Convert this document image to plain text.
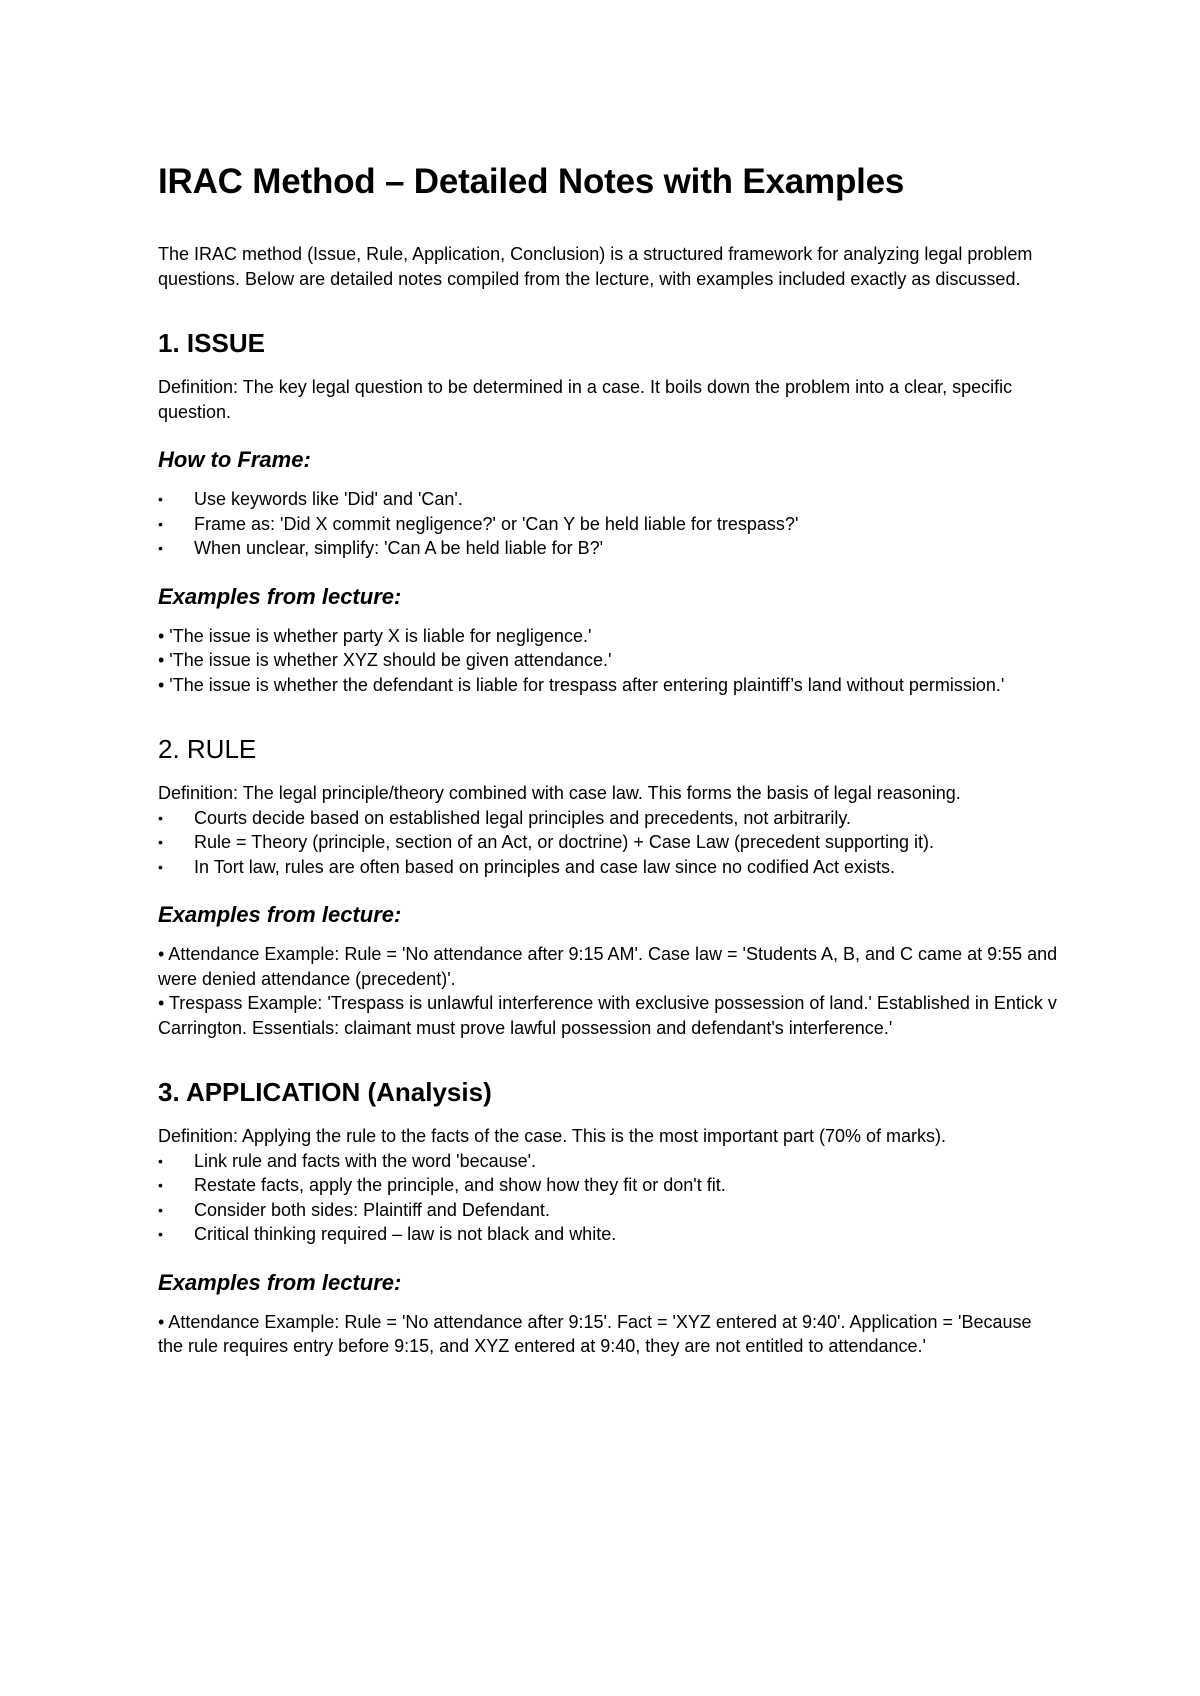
IRAC Method – Detailed Notes with Examples

The IRAC method (Issue, Rule, Application, Conclusion) is a structured framework for analyzing legal problem questions. Below are detailed notes compiled from the lecture, with examples included exactly as discussed.

1. ISSUE

Definition: The key legal question to be determined in a case. It boils down the problem into a clear, specific question.

How to Frame:
• Use keywords like 'Did' and 'Can'.
• Frame as: 'Did X commit negligence?' or 'Can Y be held liable for trespass?'
• When unclear, simplify: 'Can A be held liable for B?'
Examples from lecture:

• 'The issue is whether party X is liable for negligence.'

• 'The issue is whether XYZ should be given attendance.'

• 'The issue is whether the defendant is liable for trespass after entering plaintiff’s land without permission.'

2. RULE

Definition: The legal principle/theory combined with case law. This forms the basis of legal reasoning.

• Courts decide based on established legal principles and precedents, not arbitrarily.
• Rule = Theory (principle, section of an Act, or doctrine) + Case Law (precedent supporting it).
• In Tort law, rules are often based on principles and case law since no codified Act exists.
Examples from lecture:

• Attendance Example: Rule = 'No attendance after 9:15 AM'. Case law = 'Students A, B, and C came at 9:55 and were denied attendance (precedent)'.

• Trespass Example: 'Trespass is unlawful interference with exclusive possession of land.' Established in Entick v Carrington. Essentials: claimant must prove lawful possession and defendant's interference.'

3. APPLICATION (Analysis)

Definition: Applying the rule to the facts of the case. This is the most important part (70% of marks).

• Link rule and facts with the word 'because'.
• Restate facts, apply the principle, and show how they fit or don't fit.
• Consider both sides: Plaintiff and Defendant.
• Critical thinking required – law is not black and white.
Examples from lecture:

• Attendance Example: Rule = 'No attendance after 9:15'. Fact = 'XYZ entered at 9:40'. Application = 'Because the rule requires entry before 9:15, and XYZ entered at 9:40, they are not entitled to attendance.'
